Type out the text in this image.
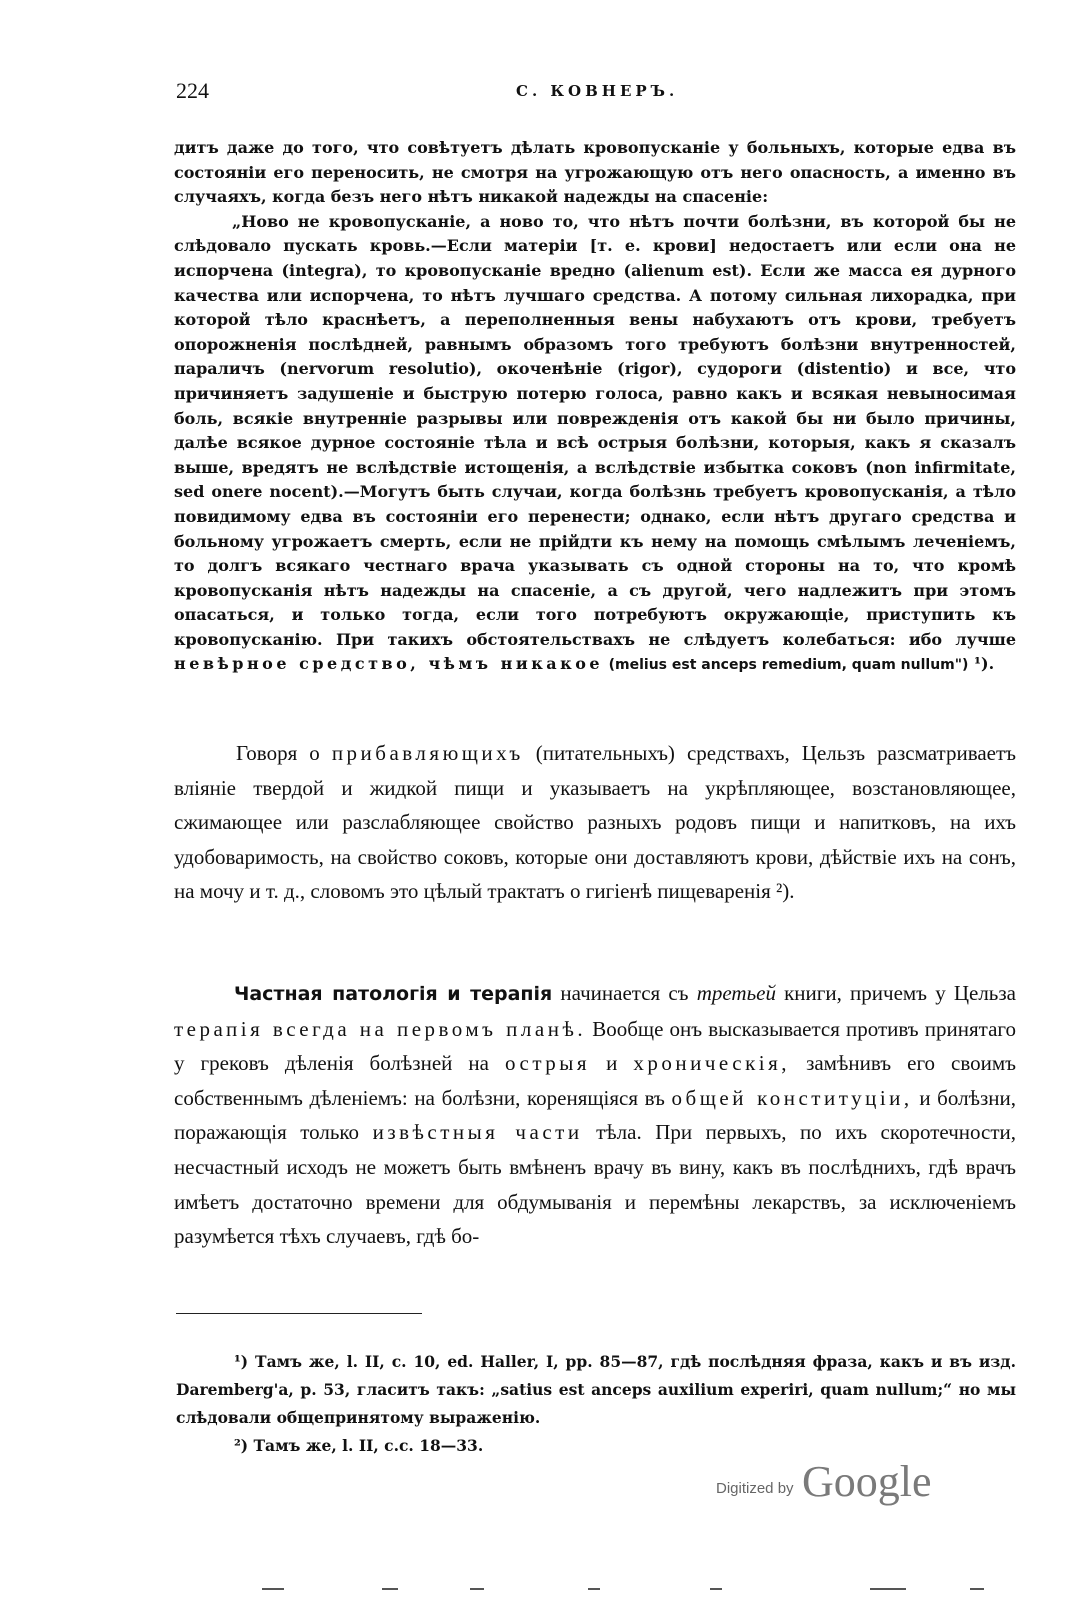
224	С. КОВНЕРЪ.

дитъ даже до того, что совѣтуетъ дѣлать кровопусканіе у больныхъ, которые едва въ состояніи его переносить, не смотря на угрожающую отъ него опасность, а именно въ случаяхъ, когда безъ него нѣтъ никакой надежды на спасеніе:

„Ново не кровопусканіе, а ново то, что нѣтъ почти болѣзни, въ которой бы не слѣдовало пускать кровь.—Если матеріи [т. е. крови] недостаетъ или если она не испорчена (integra), то кровопусканіе вредно (alienum est). Если же масса ея дурного качества или испорчена, то нѣтъ лучшаго средства. А потому сильная лихорадка, при которой тѣло краснѣетъ, а переполненныя вены набухаютъ отъ крови, требуетъ опорожненія послѣдней, равнымъ образомъ того требуютъ болѣзни внутренностей, параличъ (nervorum resolutio), окоченѣніе (rigor), судороги (distentio) и все, что причиняетъ задушеніе и быструю потерю голоса, равно какъ и всякая невыносимая боль, всякіе внутренніе разрывы или поврежденія отъ какой бы ни было причины, далѣе всякое дурное состояніе тѣла и всѣ острыя болѣзни, которыя, какъ я сказалъ выше, вредятъ не вслѣдствіе истощенія, а вслѣдствіе избытка соковъ (non infirmitate, sed onere nocent).—Могутъ быть случаи, когда болѣзнь требуетъ кровопусканія, а тѣло повидимому едва въ состояніи его перенести; однако, если нѣтъ другаго средства и больному угрожаетъ смерть, если не прійдти къ нему на помощь смѣлымъ леченіемъ, то долгъ всякаго честнаго врача указывать съ одной стороны на то, что кромѣ кровопусканія нѣтъ надежды на спасеніе, а съ другой, чего надлежитъ при этомъ опасаться, и только тогда, если того потребуютъ окружающіе, приступить къ кровопусканію. При такихъ обстоятельствахъ не слѣдуетъ колебаться: ибо лучше невѣрное средство, чѣмъ никакое (melius est anceps remedium, quam nullum") ¹).

Говоря о прибавляющихъ (питательныхъ) средствахъ, Цельзъ разсматриваетъ вліяніе твердой и жидкой пищи и указываетъ на укрѣпляющее, возстановляющее, сжимающее или разслабляющее свойство разныхъ родовъ пищи и напитковъ, на ихъ удобоваримость, на свойство соковъ, которые они доставляютъ крови, дѣйствіе ихъ на сонъ, на мочу и т. д., словомъ это цѣлый трактатъ о гигіенѣ пищеваренія ²).

Частная патологія и терапія начинается съ третьей книги, причемъ у Цельза терапія всегда на первомъ планѣ. Вообще онъ высказывается противъ принятаго у грековъ дѣленія болѣзней на острыя и хроническія, замѣнивъ его своимъ собственнымъ дѣленіемъ: на болѣзни, коренящіяся въ общей конституціи, и болѣзни, поражающія только извѣстныя части тѣла. При первыхъ, по ихъ скоротечности, несчастный исходъ не можетъ быть вмѣненъ врачу въ вину, какъ въ послѣднихъ, гдѣ врачъ имѣетъ достаточно времени для обдумыванія и перемѣны лекарствъ, за исключеніемъ разумѣется тѣхъ случаевъ, гдѣ бо-

¹) Тамъ же, l. II, c. 10, ed. Haller, I, pp. 85—87, гдѣ послѣдняя фраза, какъ и въ изд. Daremberg'а, p. 53, гласитъ такъ: „satius est anceps auxilium experiri, quam nullum;“ но мы слѣдовали общепринятому выраженію.

²) Тамъ же, l. II, c.c. 18—33.

Digitized by Google
